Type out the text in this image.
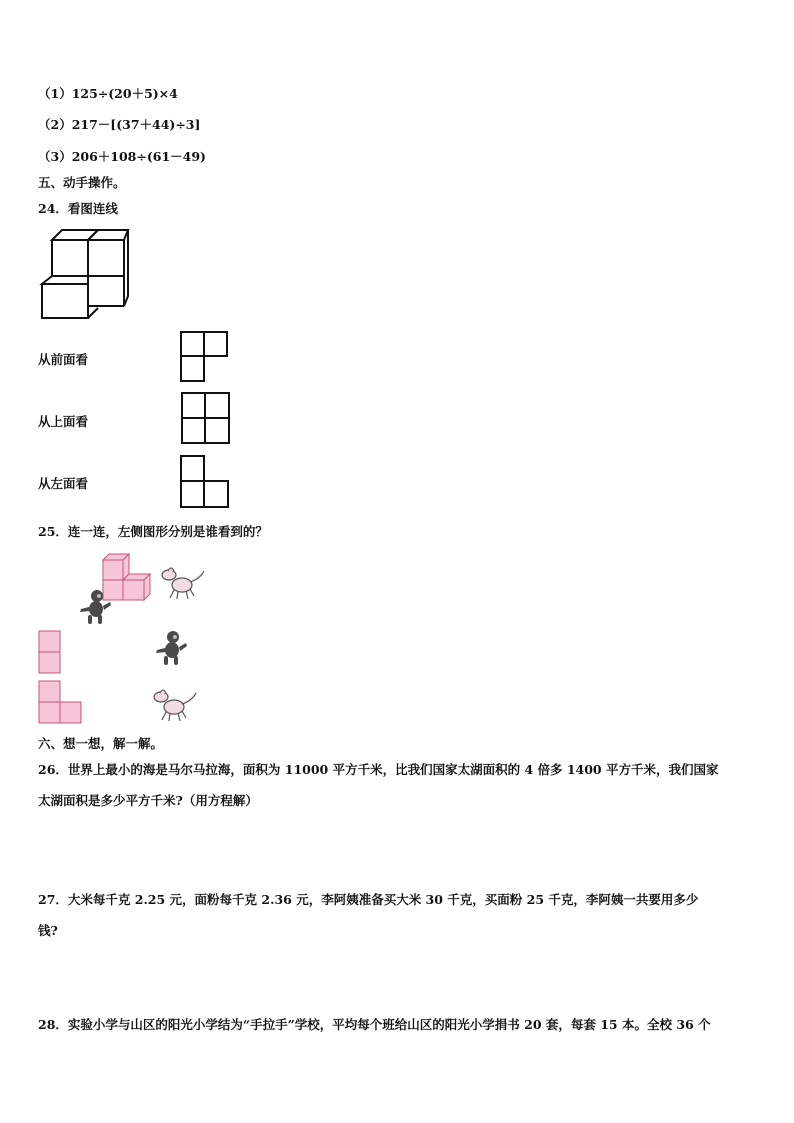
（1）125÷(20＋5)×4
（2）217－[(37＋44)÷3]
（3）206＋108÷(61－49)
五、动手操作。
24．看图连线
从前面看
从上面看
从左面看
25．连一连，左侧图形分别是谁看到的？
六、想一想，解一解。
26．世界上最小的海是马尔马拉海，面积为 11000 平方千米，比我们国家太湖面积的 4 倍多 1400 平方千米，我们国家
太湖面积是多少平方千米?（用方程解）
27．大米每千克 2.25 元，面粉每千克 2.36 元，李阿姨准备买大米 30 千克，买面粉 25 千克，李阿姨一共要用多少
钱?
28．实验小学与山区的阳光小学结为“手拉手”学校，平均每个班给山区的阳光小学捐书 20 套，每套 15 本。全校 36 个
